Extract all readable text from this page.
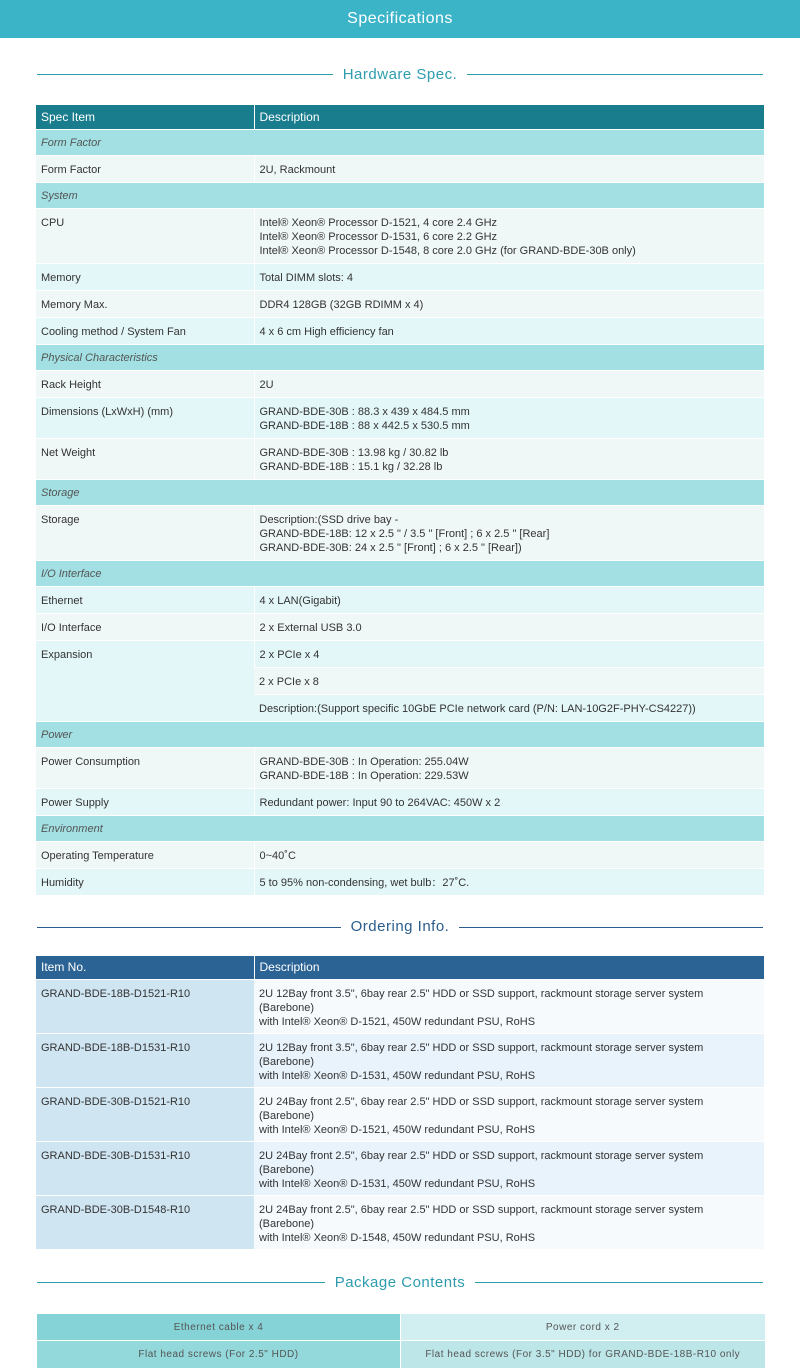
Specifications
Hardware Spec.
Spec Item	Description
Form Factor	
Form Factor	2U, Rackmount
System	
CPU	Intel® Xeon® Processor D-1521, 4 core 2.4 GHz
Intel® Xeon® Processor D-1531, 6 core 2.2 GHz
Intel® Xeon® Processor D-1548, 8 core 2.0 GHz (for GRAND-BDE-30B only)

Memory	Total DIMM slots: 4
Memory Max.	DDR4 128GB (32GB RDIMM x 4)
Cooling method / System Fan	4 x 6 cm High efficiency fan
Physical Characteristics	
Rack Height	2U
Dimensions (LxWxH) (mm)	GRAND-BDE-30B : 88.3 x 439 x 484.5 mm
GRAND-BDE-18B : 88 x 442.5 x 530.5 mm

Net Weight	GRAND-BDE-30B : 13.98 kg / 30.82 lb
GRAND-BDE-18B : 15.1 kg / 32.28 lb

Storage	
Storage	Description:(SSD drive bay -
GRAND-BDE-18B: 12 x 2.5 " / 3.5 " [Front] ; 6 x 2.5 " [Rear]
GRAND-BDE-30B: 24 x 2.5 " [Front] ; 6 x 2.5 " [Rear])

I/O Interface	
Ethernet	4 x LAN(Gigabit)
I/O Interface	2 x External USB 3.0
Expansion	2 x PCIe x 4
	2 x PCIe x 8
	Description:(Support specific 10GbE PCIe network card (P/N: LAN-10G2F-PHY-CS4227))
Power	
Power Consumption	GRAND-BDE-30B : In Operation: 255.04W
GRAND-BDE-18B : In Operation: 229.53W

Power Supply	Redundant power: Input 90 to 264VAC: 450W x 2
Environment	
Operating Temperature	0~40˚C
Humidity	5 to 95% non-condensing, wet bulb：27˚C.
Ordering Info.
Item No.	Description
GRAND-BDE-18B-D1521-R10	2U 12Bay front 3.5", 6bay rear 2.5" HDD or SSD support, rackmount storage server system (Barebone)
with Intel® Xeon® D-1521, 450W redundant PSU, RoHS

GRAND-BDE-18B-D1531-R10	2U 12Bay front 3.5", 6bay rear 2.5" HDD or SSD support, rackmount storage server system (Barebone)
with Intel® Xeon® D-1531, 450W redundant PSU, RoHS

GRAND-BDE-30B-D1521-R10	2U 24Bay front 2.5", 6bay rear 2.5" HDD or SSD support, rackmount storage server system (Barebone)
with Intel® Xeon® D-1521, 450W redundant PSU, RoHS

GRAND-BDE-30B-D1531-R10	2U 24Bay front 2.5", 6bay rear 2.5" HDD or SSD support, rackmount storage server system (Barebone)
with Intel® Xeon® D-1531, 450W redundant PSU, RoHS

GRAND-BDE-30B-D1548-R10	2U 24Bay front 2.5", 6bay rear 2.5" HDD or SSD support, rackmount storage server system (Barebone)
with Intel® Xeon® D-1548, 450W redundant PSU, RoHS
Package Contents
Ethernet cable x 4	Power cord x 2
Flat head screws (For 2.5" HDD)	Flat head screws (For 3.5" HDD) for GRAND-BDE-18B-R10 only
